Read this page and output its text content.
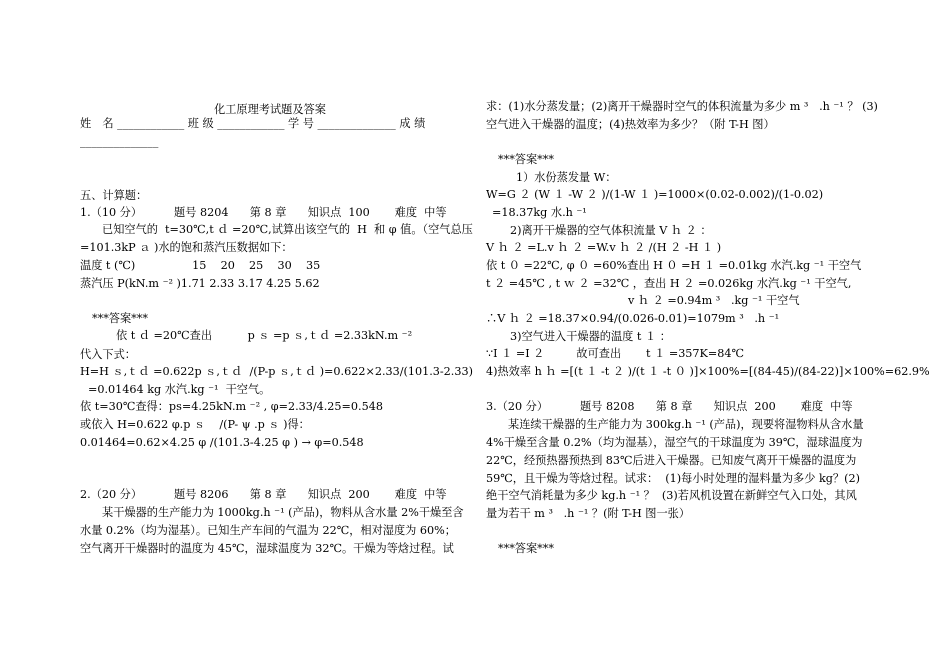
化工原理考试题及答案
姓　名 ____________ 班 级 ____________ 学 号 ______________ 成 绩
______________
五、计算题：
1.（10 分）         题号 8204      第 8 章      知识点  100       难度  中等
已知空气的  t=30℃,t ｄ =20℃,试算出该空气的  H  和 φ 值。（空气总压
=101.3kP ａ )水的饱和蒸汽压数据如下：
温度 t (℃)                15    20    25    30    35
蒸汽压 P(kN.m ⁻² )1.71 2.33 3.17 4.25 5.62
***答案***
依 t ｄ =20℃查出          p ｓ =p ｓ,ｔｄ =2.33kN.m ⁻²
代入下式：
H=H ｓ,ｔｄ =0.622p ｓ,ｔｄ  /(P-p ｓ,ｔｄ )=0.622×2.33/(101.3-2.33)
=0.01464 kg 水汽.kg ⁻¹  干空气。
依 t=30℃查得：ps=4.25kN.m ⁻² , φ=2.33/4.25=0.548
或依入 H=0.622 φ.p ｓ    /(P- ψ .p ｓ )得：
0.01464=0.62×4.25 φ /(101.3-4.25 φ ) → φ=0.548
2.（20 分）         题号 8206      第 8 章      知识点  200       难度  中等
某干燥器的生产能力为 1000kg.h ⁻¹ (产品)，物料从含水量 2%干燥至含
水量 0.2%（均为湿基）。已知生产车间的气温为 22℃，相对湿度为 60%；
空气离开干燥器时的温度为 45℃，湿球温度为 32℃。干燥为等焓过程。试
求：(1)水分蒸发量；(2)离开干燥器时空气的体积流量为多少 m ³   .h ⁻¹ ？ (3)
空气进入干燥器的温度；(4)热效率为多少？（附 T-H 图）
***答案***
1）水份蒸发量 W：
W=G ２ (W １ -W ２ )/(1-W １ )=1000×(0.02-0.002)/(1-0.02)
=18.37kg 水.h ⁻¹
2)离开干燥器的空气体积流量 V ｈ ２ ：
V ｈ ２ =L.v ｈ ２ =W.v ｈ ２ /(H ２ -H １ )
依 t ０ =22℃, φ ０ =60%查出 H ０ =H １ =0.01kg 水汽.kg ⁻¹ 干空气
t ２ =45℃ , t ｗ ２ =32℃ ，查出 H ２ =0.026kg 水汽.kg ⁻¹ 干空气,
v ｈ ２ =0.94m ³   .kg ⁻¹ 干空气
∴V ｈ ２ =18.37×0.94/(0.026-0.01)=1079m ³   .h ⁻¹
3)空气进入干燥器的温度 t １ ：
∵I １ =I ２         故可查出       t １ =357K=84℃
4)热效率 h ｈ =[(t １ -t ２ )/(t １ -t ０ )]×100%=[(84-45)/(84-22)]×100%=62.9%
3.（20 分）         题号 8208      第 8 章      知识点  200       难度  中等
某连续干燥器的生产能力为 300kg.h ⁻¹ (产品)，现要将湿物料从含水量
4%干燥至含量 0.2%（均为湿基），湿空气的干球温度为 39℃，湿球温度为
22℃，经预热器预热到 83℃后进入干燥器。已知废气离开干燥器的温度为
59℃，且干燥为等焓过程。试求：  (1)每小时处理的湿料量为多少 kg？(2)
绝干空气消耗量为多少 kg.h ⁻¹ ？  (3)若风机设置在新鲜空气入口处，其风
量为若干 m ³   .h ⁻¹ ？(附 T-H 图一张）
***答案***
